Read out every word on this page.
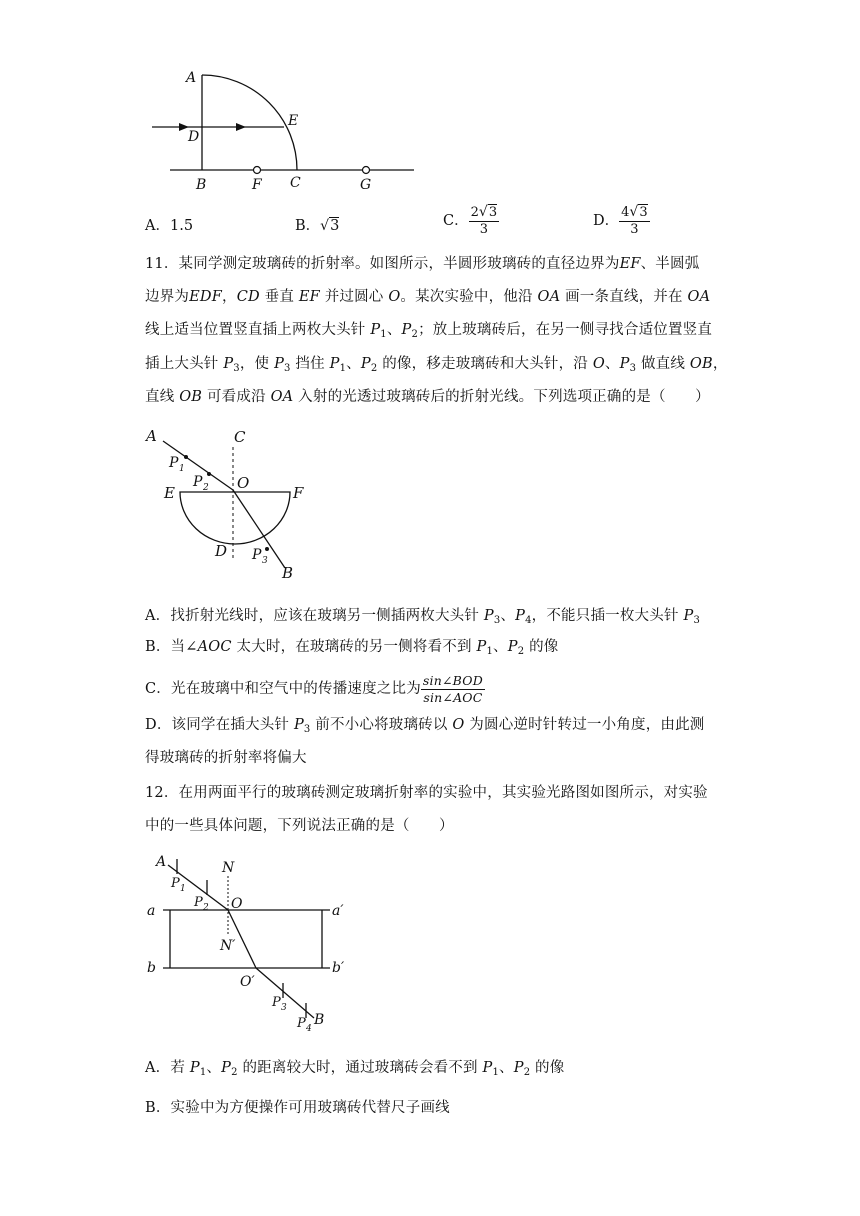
A
D
E
B	F C	G
A．1.5	B．√3	C． $\frac{2√3}{3}$	D． $\frac{4√3}{3}$
11．某同学测定玻璃砖的折射率。如图所示，半圆形玻璃砖的直径边界为EF、半圆弧
边界为EDF，CD 垂直 EF 并过圆心 O。某次实验中，他沿 OA 画一条直线，并在 OA
线上适当位置竖直插上两枚大头针 $P_1$、$P_2$；放上玻璃砖后，在另一侧寻找合适位置竖直
插上大头针 $P_3$，使 $P_3$ 挡住 $P_1$、$P_2$ 的像，移走玻璃砖和大头针，沿 O、$P_3$ 做直线 OB，
直线 OB 可看成沿 OA 入射的光透过玻璃砖后的折射光线。下列选项正确的是（　　）
A	C
P 1
P 2 O
E	F
D P 3
B
A．找折射光线时，应该在玻璃另一侧插两枚大头针 $P_3$、$P_4$，不能只插一枚大头针 $P_3$
B．当∠AOC 太大时，在玻璃砖的另一侧将看不到 $P_1$、$P_2$ 的像
C．光在玻璃中和空气中的传播速度之比为 $\frac{\text{sin∠BOD}}{\text{sin∠AOC}}$
D．该同学在插大头针 $P_3$ 前不小心将玻璃砖以 O 为圆心逆时针转过一小角度，由此测
得玻璃砖的折射率将偏大
12．在用两面平行的玻璃砖测定玻璃折射率的实验中，其实验光路图如图所示，对实验
中的一些具体问题，下列说法正确的是（　　）
A	N
P 1
P 2 O
a	a′
N′
b	b′
O′
P 3
P 4
B
A．若 $P_1$、$P_2$ 的距离较大时，通过玻璃砖会看不到 $P_1$、$P_2$ 的像
B．实验中为方便操作可用玻璃砖代替尺子画线
